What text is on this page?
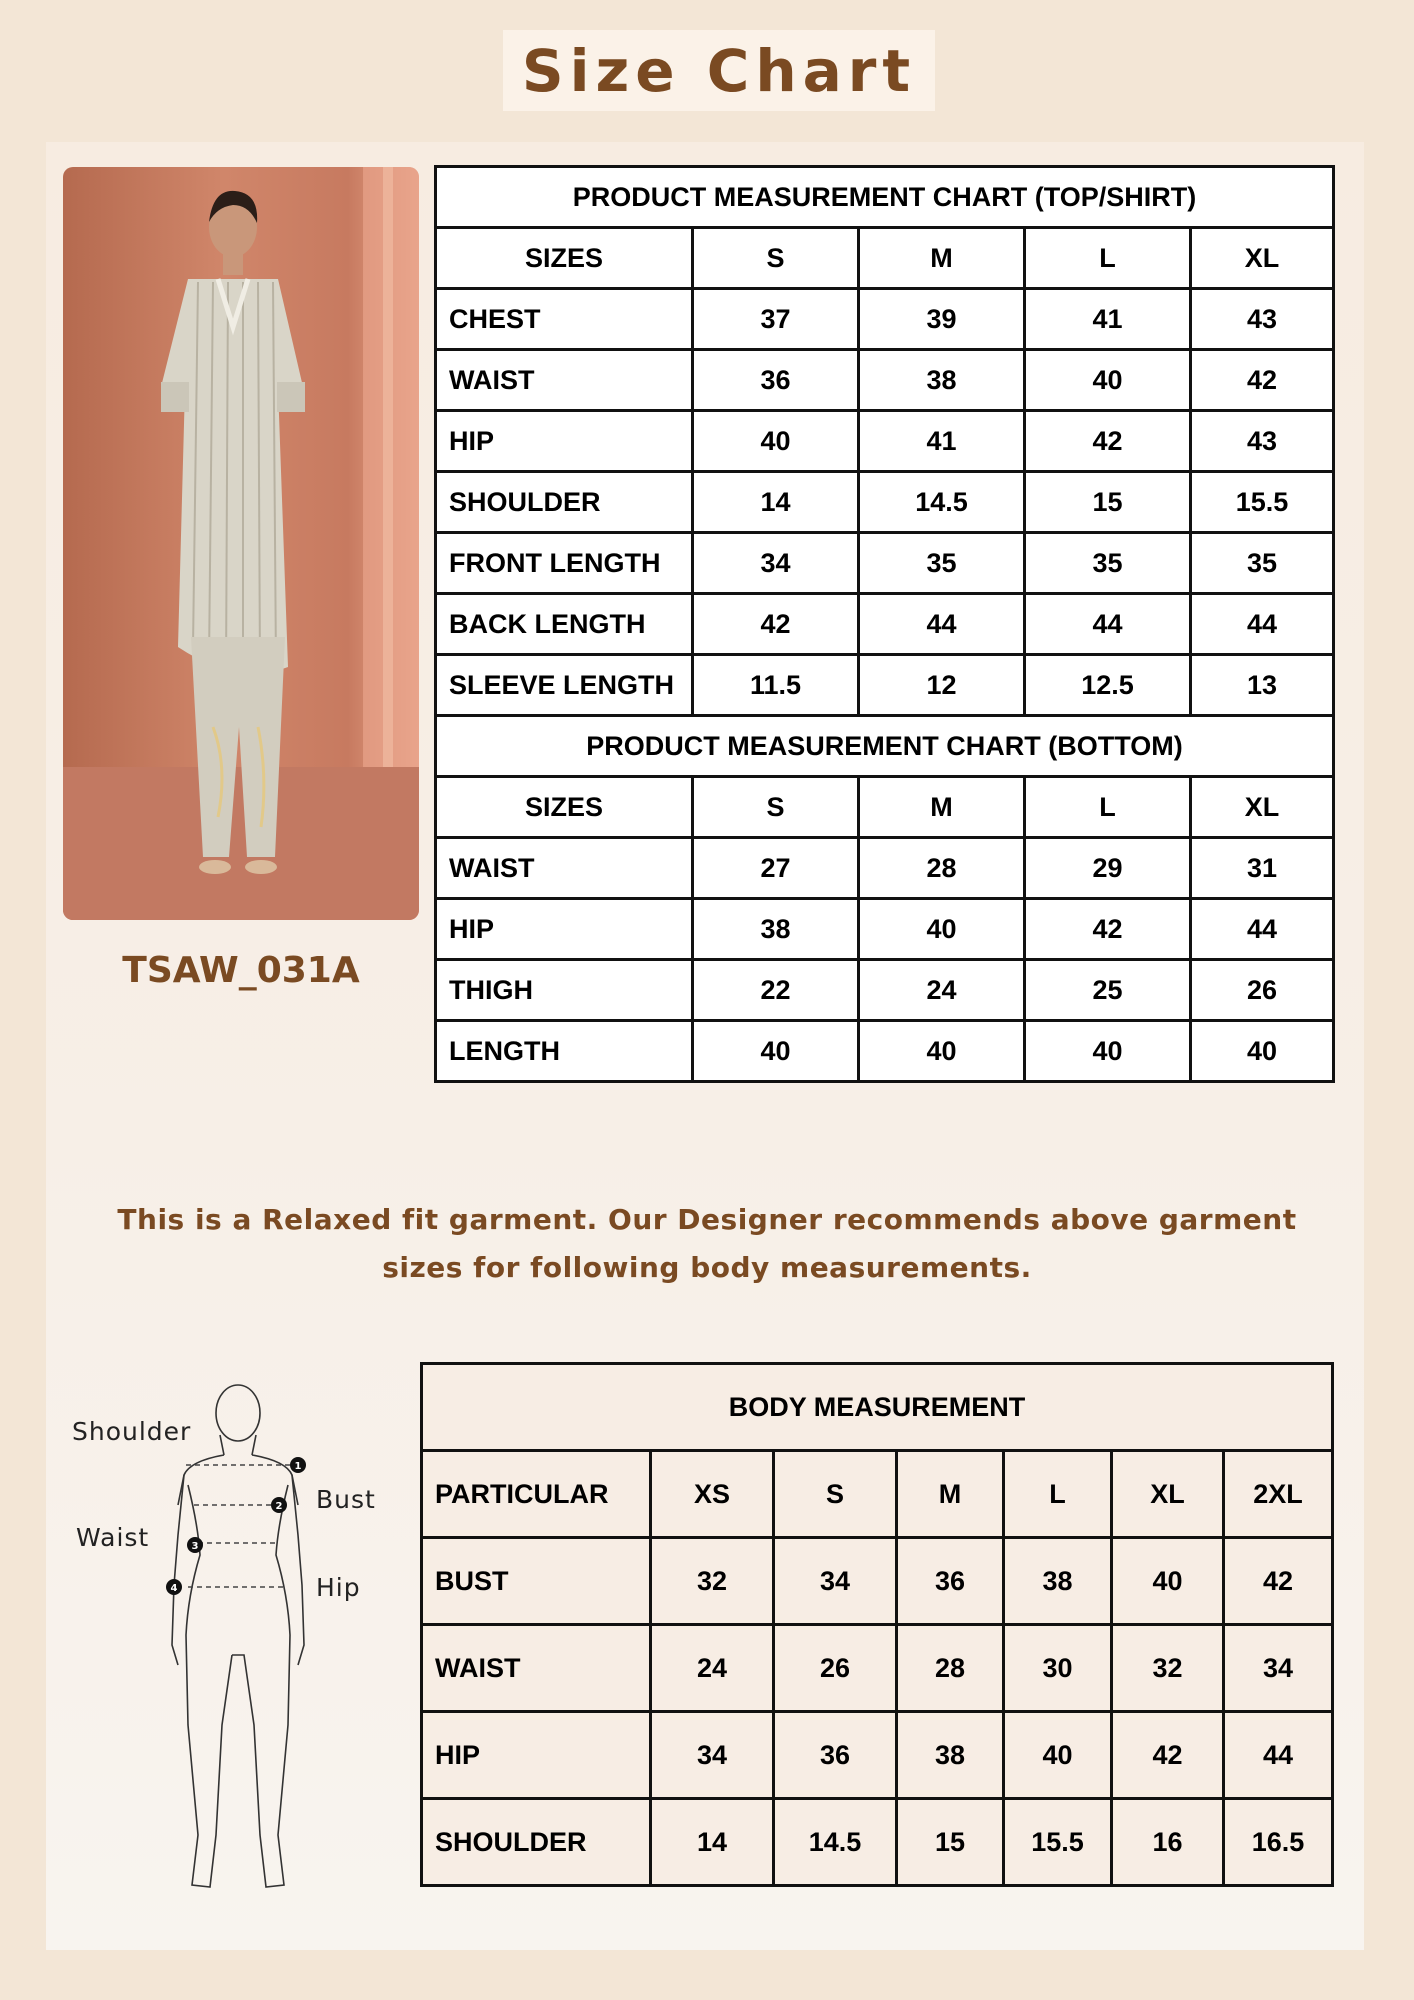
Size Chart
TSAW_031A
PRODUCT MEASUREMENT CHART (TOP/SHIRT)				
SIZES	S	M	L	XL
CHEST	37	39	41	43
WAIST	36	38	40	42
HIP	40	41	42	43
SHOULDER	14	14.5	15	15.5
FRONT LENGTH	34	35	35	35
BACK LENGTH	42	44	44	44
SLEEVE LENGTH	11.5	12	12.5	13
PRODUCT MEASUREMENT CHART (BOTTOM)				
SIZES	S	M	L	XL
WAIST	27	28	29	31
HIP	38	40	42	44
THIGH	22	24	25	26
LENGTH	40	40	40	40
This is a Relaxed fit garment. Our Designer recommends above garment
sizes for following body measurements.
1
2
3
4
Shoulder
Bust
Waist
Hip
BODY MEASUREMENT						
PARTICULAR	XS	S	M	L	XL	2XL
BUST	32	34	36	38	40	42
WAIST	24	26	28	30	32	34
HIP	34	36	38	40	42	44
SHOULDER	14	14.5	15	15.5	16	16.5
